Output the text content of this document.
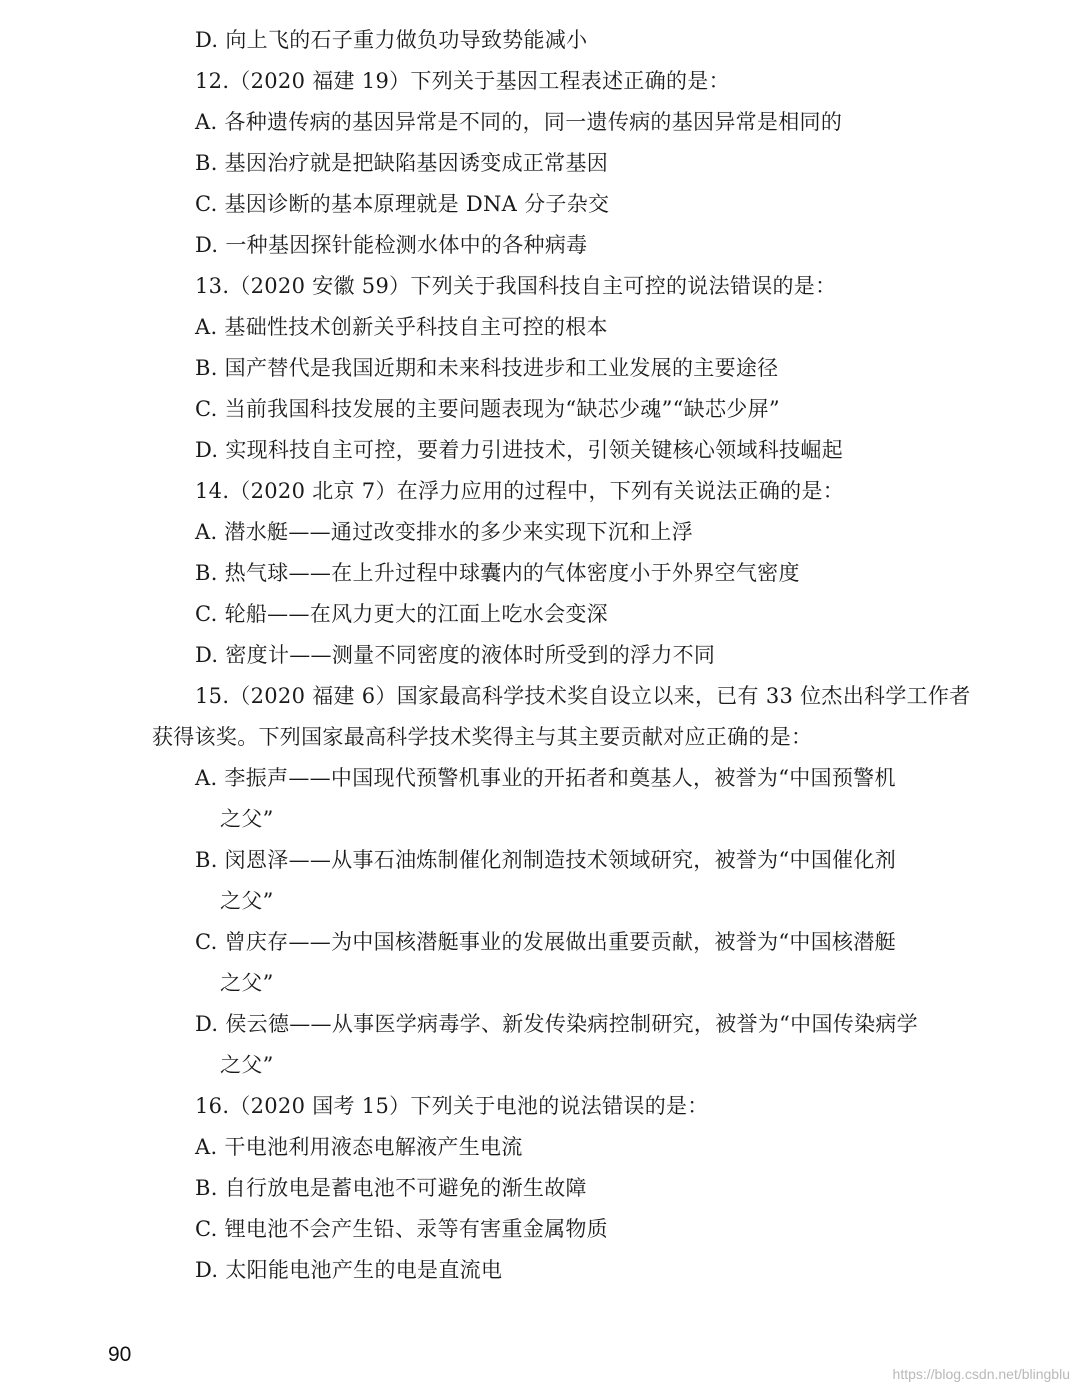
D. 向上飞的石子重力做负功导致势能减小
12.（2020 福建 19）下列关于基因工程表述正确的是：
A. 各种遗传病的基因异常是不同的，同一遗传病的基因异常是相同的
B. 基因治疗就是把缺陷基因诱变成正常基因
C. 基因诊断的基本原理就是 DNA 分子杂交
D. 一种基因探针能检测水体中的各种病毒
13.（2020 安徽 59）下列关于我国科技自主可控的说法错误的是：
A. 基础性技术创新关乎科技自主可控的根本
B. 国产替代是我国近期和未来科技进步和工业发展的主要途径
C. 当前我国科技发展的主要问题表现为“缺芯少魂”“缺芯少屏”
D. 实现科技自主可控，要着力引进技术，引领关键核心领域科技崛起
14.（2020 北京 7）在浮力应用的过程中，下列有关说法正确的是：
A. 潜水艇——通过改变排水的多少来实现下沉和上浮
B. 热气球——在上升过程中球囊内的气体密度小于外界空气密度
C. 轮船——在风力更大的江面上吃水会变深
D. 密度计——测量不同密度的液体时所受到的浮力不同
15.（2020 福建 6）国家最高科学技术奖自设立以来，已有 33 位杰出科学工作者
获得该奖。下列国家最高科学技术奖得主与其主要贡献对应正确的是：
A. 李振声——中国现代预警机事业的开拓者和奠基人，被誉为“中国预警机
之父”
B. 闵恩泽——从事石油炼制催化剂制造技术领域研究，被誉为“中国催化剂
之父”
C. 曾庆存——为中国核潜艇事业的发展做出重要贡献，被誉为“中国核潜艇
之父”
D. 侯云德——从事医学病毒学、新发传染病控制研究，被誉为“中国传染病学
之父”
16.（2020 国考 15）下列关于电池的说法错误的是：
A. 干电池利用液态电解液产生电流
B. 自行放电是蓄电池不可避免的渐生故障
C. 锂电池不会产生铅、汞等有害重金属物质
D. 太阳能电池产生的电是直流电
90
https://blog.csdn.net/blingblu
